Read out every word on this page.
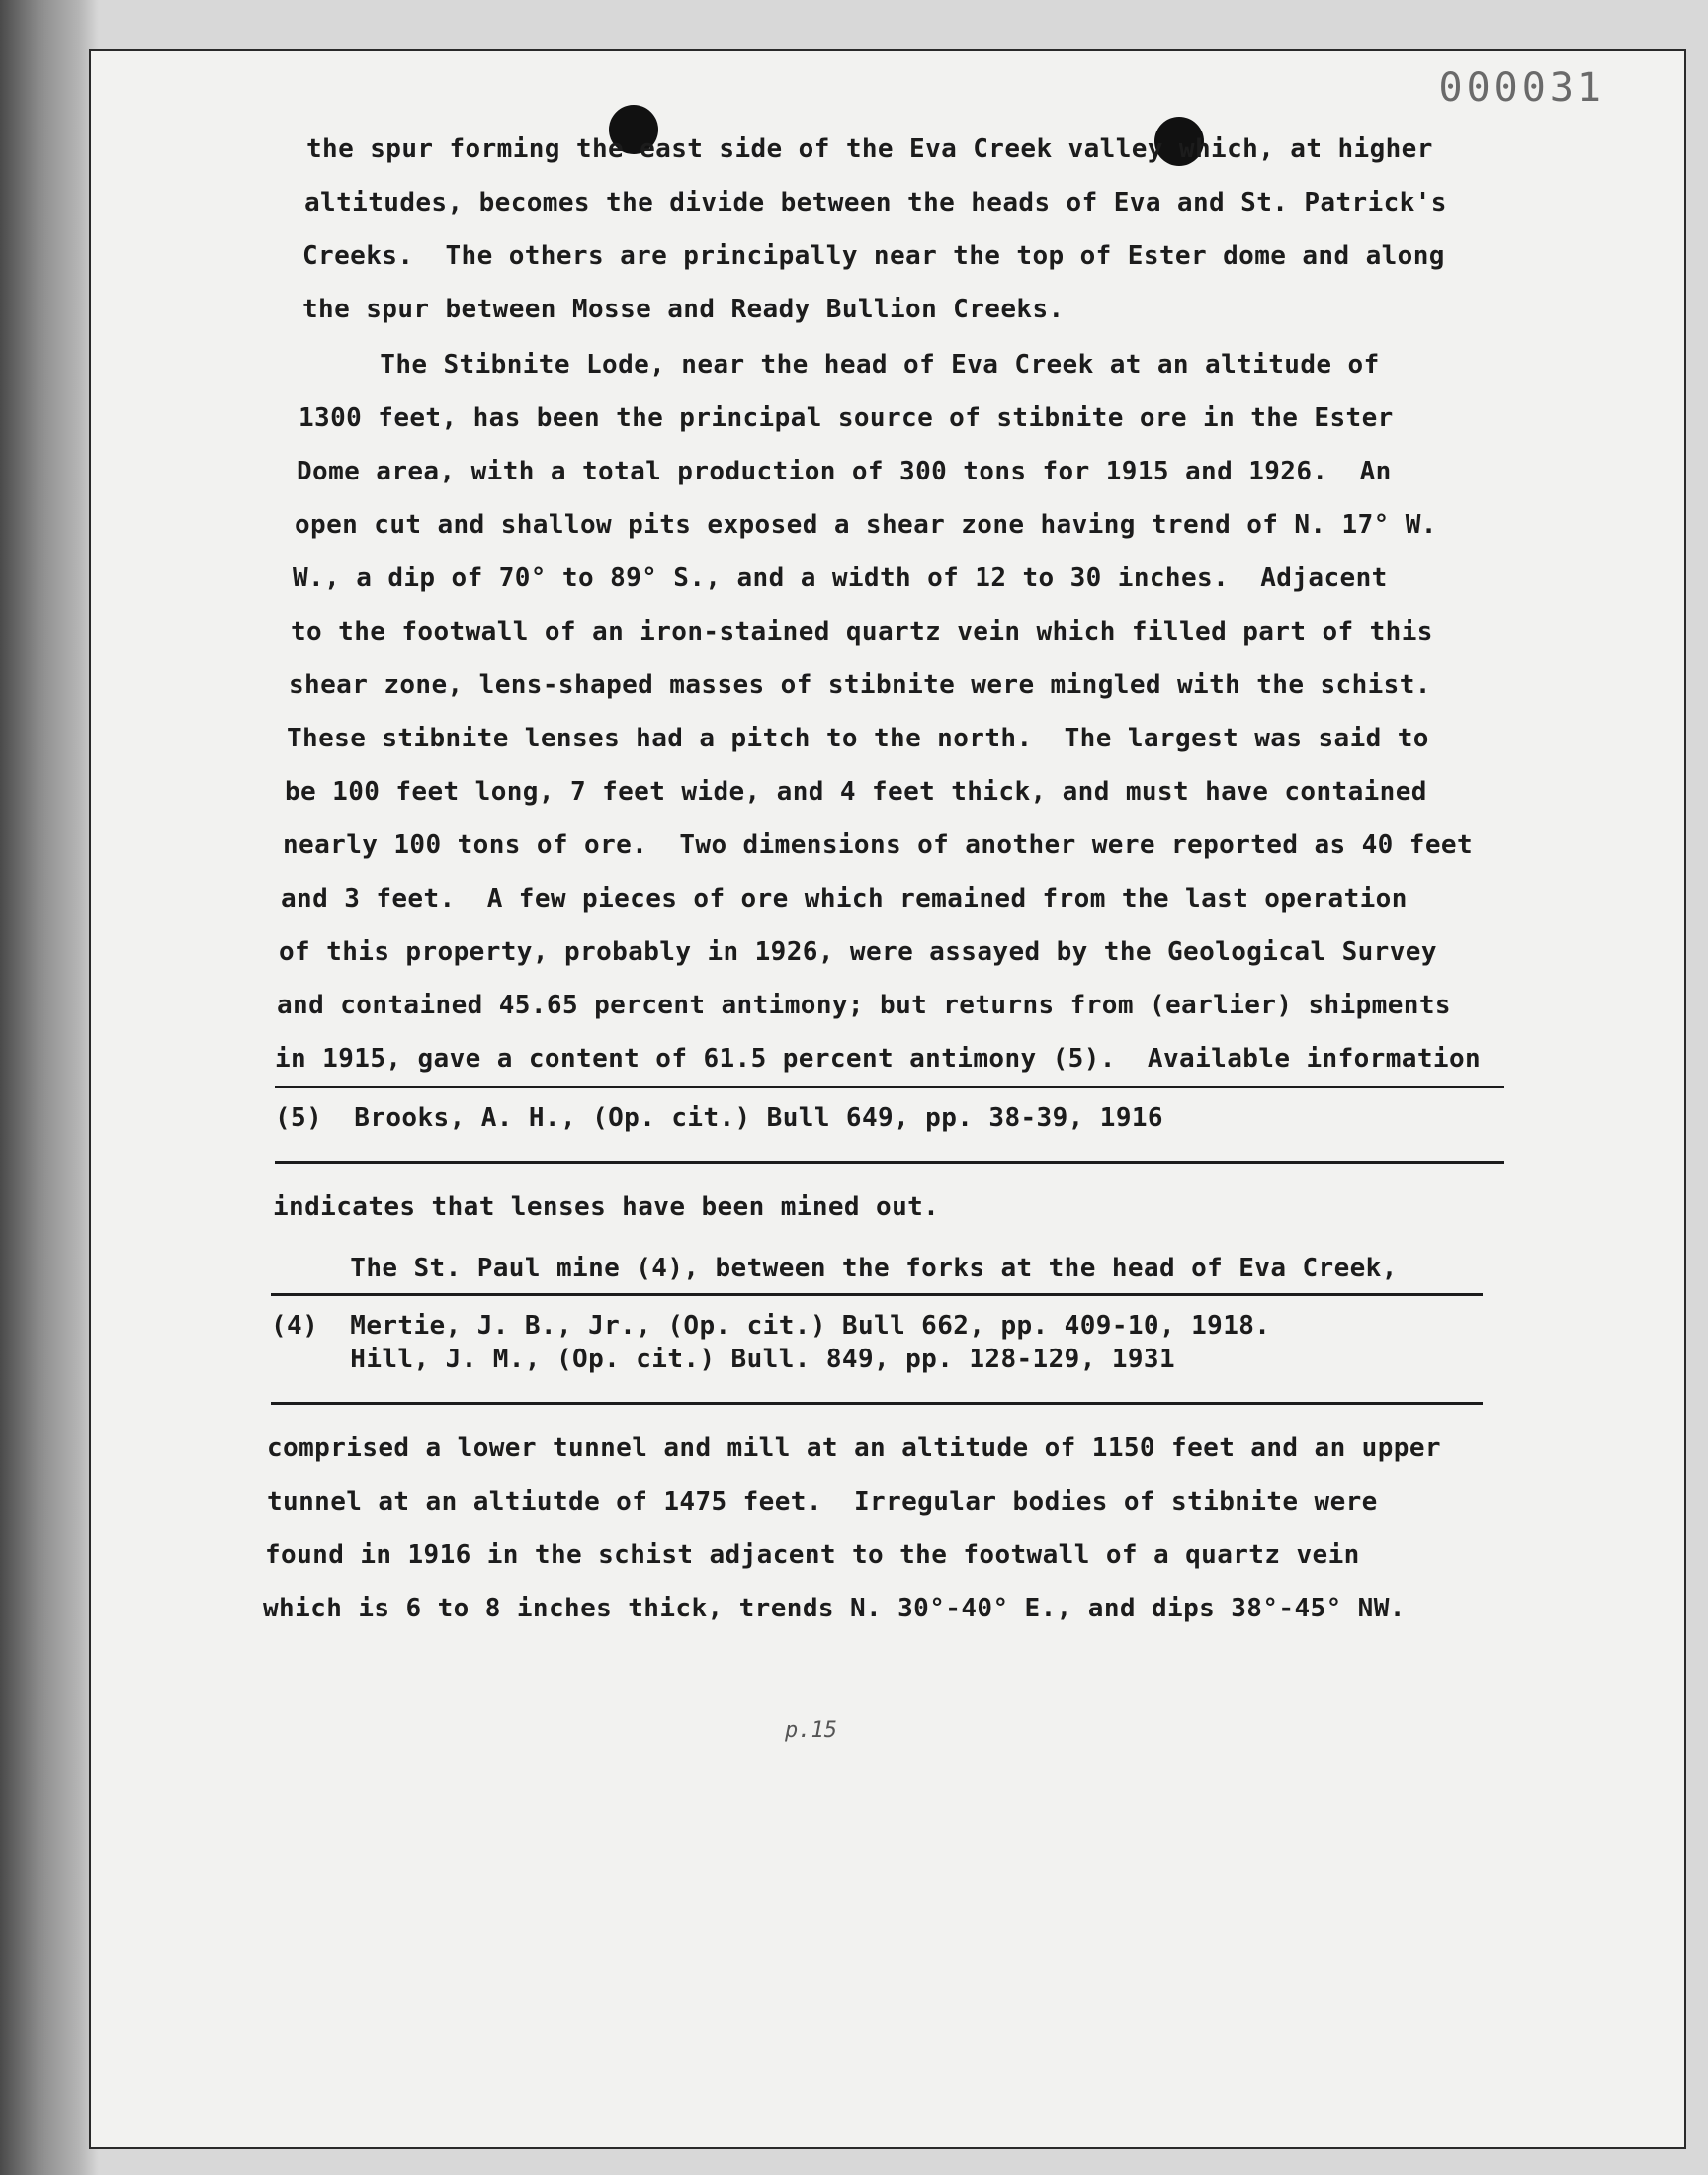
000031
the spur forming the east side of the Eva Creek valley which, at higher
altitudes, becomes the divide between the heads of Eva and St. Patrick's
Creeks.  The others are principally near the top of Ester dome and along
the spur between Mosse and Ready Bullion Creeks.
The Stibnite Lode, near the head of Eva Creek at an altitude of
1300 feet, has been the principal source of stibnite ore in the Ester
Dome area, with a total production of 300 tons for 1915 and 1926.  An
open cut and shallow pits exposed a shear zone having trend of N. 17° W.
W., a dip of 70° to 89° S., and a width of 12 to 30 inches.  Adjacent
to the footwall of an iron-stained quartz vein which filled part of this
shear zone, lens-shaped masses of stibnite were mingled with the schist.
These stibnite lenses had a pitch to the north.  The largest was said to
be 100 feet long, 7 feet wide, and 4 feet thick, and must have contained
nearly 100 tons of ore.  Two dimensions of another were reported as 40 feet
and 3 feet.  A few pieces of ore which remained from the last operation
of this property, probably in 1926, were assayed by the Geological Survey
and contained 45.65 percent antimony; but returns from (earlier) shipments
in 1915, gave a content of 61.5 percent antimony (5).  Available information
(5)  Brooks, A. H., (Op. cit.) Bull 649, pp. 38-39, 1916
indicates that lenses have been mined out.
The St. Paul mine (4), between the forks at the head of Eva Creek,
(4)  Mertie, J. B., Jr., (Op. cit.) Bull 662, pp. 409-10, 1918.
Hill, J. M., (Op. cit.) Bull. 849, pp. 128-129, 1931
comprised a lower tunnel and mill at an altitude of 1150 feet and an upper
tunnel at an altiutde of 1475 feet.  Irregular bodies of stibnite were
found in 1916 in the schist adjacent to the footwall of a quartz vein
which is 6 to 8 inches thick, trends N. 30°-40° E., and dips 38°-45° NW.
p.15
